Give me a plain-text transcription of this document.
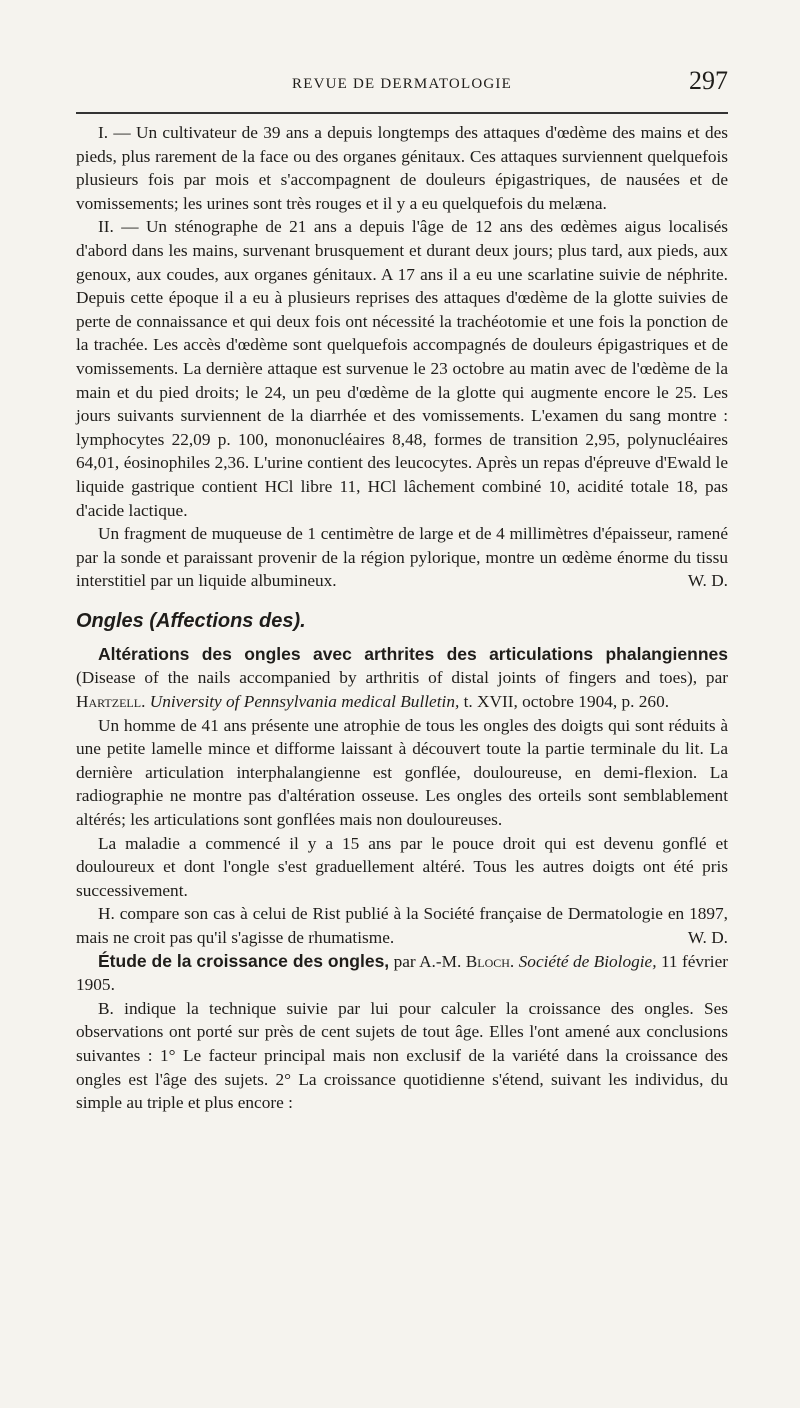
REVUE DE DERMATOLOGIE	297

I. — Un cultivateur de 39 ans a depuis longtemps des attaques d'œdème des mains et des pieds, plus rarement de la face ou des organes génitaux. Ces attaques surviennent quelquefois plusieurs fois par mois et s'accompagnent de douleurs épigastriques, de nausées et de vomissements; les urines sont très rouges et il y a eu quelquefois du melæna.

II. — Un sténographe de 21 ans a depuis l'âge de 12 ans des œdèmes aigus localisés d'abord dans les mains, survenant brusquement et durant deux jours; plus tard, aux pieds, aux genoux, aux coudes, aux organes génitaux. A 17 ans il a eu une scarlatine suivie de néphrite. Depuis cette époque il a eu à plusieurs reprises des attaques d'œdème de la glotte suivies de perte de connaissance et qui deux fois ont nécessité la trachéotomie et une fois la ponction de la trachée. Les accès d'œdème sont quelquefois accompagnés de douleurs épigastriques et de vomissements. La dernière attaque est survenue le 23 octobre au matin avec de l'œdème de la main et du pied droits; le 24, un peu d'œdème de la glotte qui augmente encore le 25. Les jours suivants surviennent de la diarrhée et des vomissements. L'examen du sang montre : lymphocytes 22,09 p. 100, mononucléaires 8,48, formes de transition 2,95, polynucléaires 64,01, éosinophiles 2,36. L'urine contient des leucocytes. Après un repas d'épreuve d'Ewald le liquide gastrique contient HCl libre 11, HCl lâchement combiné 10, acidité totale 18, pas d'acide lactique.

Un fragment de muqueuse de 1 centimètre de large et de 4 millimètres d'épaisseur, ramené par la sonde et paraissant provenir de la région pylorique, montre un œdème énorme du tissu interstitiel par un liquide albumineux.	W. D.

Ongles (Affections des).

Altérations des ongles avec arthrites des articulations phalangiennes (Disease of the nails accompanied by arthritis of distal joints of fingers and toes), par Hartzell. University of Pennsylvania medical Bulletin, t. XVII, octobre 1904, p. 260.

Un homme de 41 ans présente une atrophie de tous les ongles des doigts qui sont réduits à une petite lamelle mince et difforme laissant à découvert toute la partie terminale du lit. La dernière articulation interphalangienne est gonflée, douloureuse, en demi-flexion. La radiographie ne montre pas d'altération osseuse. Les ongles des orteils sont semblablement altérés; les articulations sont gonflées mais non douloureuses.

La maladie a commencé il y a 15 ans par le pouce droit qui est devenu gonflé et douloureux et dont l'ongle s'est graduellement altéré. Tous les autres doigts ont été pris successivement.

H. compare son cas à celui de Rist publié à la Société française de Dermatologie en 1897, mais ne croit pas qu'il s'agisse de rhumatisme.	W. D.

Étude de la croissance des ongles, par A.-M. Bloch. Société de Biologie, 11 février 1905.

B. indique la technique suivie par lui pour calculer la croissance des ongles. Ses observations ont porté sur près de cent sujets de tout âge. Elles l'ont amené aux conclusions suivantes : 1° Le facteur principal mais non exclusif de la variété dans la croissance des ongles est l'âge des sujets. 2° La croissance quotidienne s'étend, suivant les individus, du simple au triple et plus encore :
